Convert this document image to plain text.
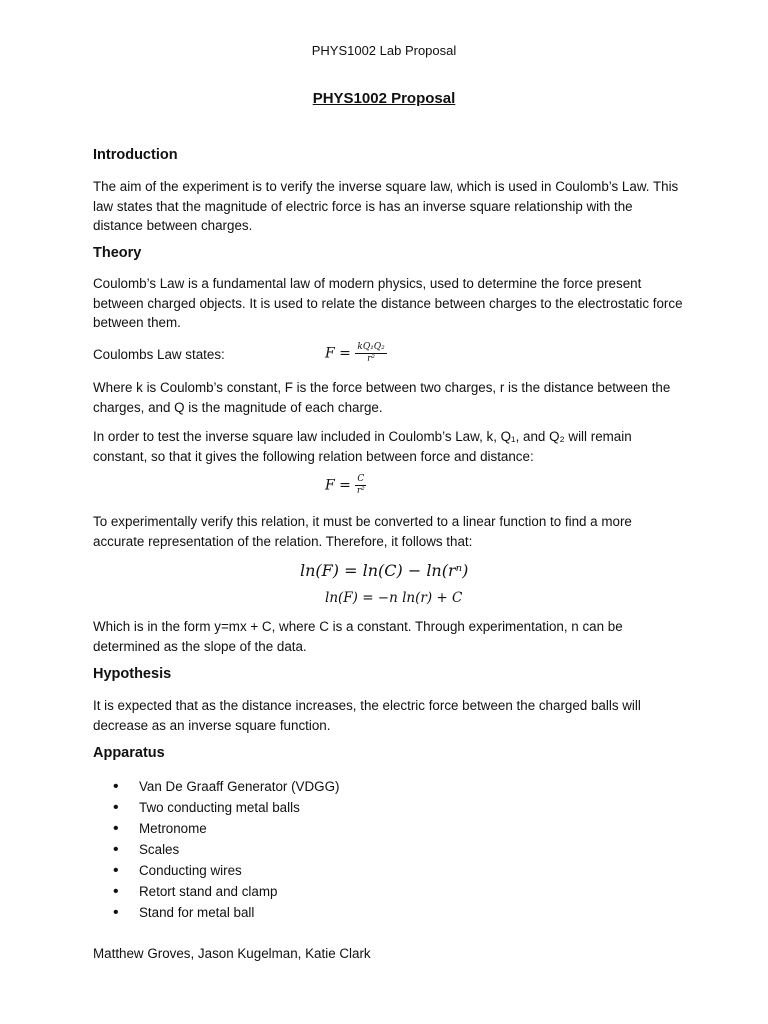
PHYS1002 Lab Proposal
PHYS1002 Proposal
Introduction

The aim of the experiment is to verify the inverse square law, which is used in Coulomb’s Law. This law states that the magnitude of electric force is has an inverse square relationship with the distance between charges.

Theory

Coulomb’s Law is a fundamental law of modern physics, used to determine the force present between charged objects. It is used to relate the distance between charges to the electrostatic force between them.

Coulombs Law states:	$F = \frac{\text{kQ₁Q₂}}{\text{r²}}$

Where k is Coulomb’s constant, F is the force between two charges, r is the distance between the charges, and Q is the magnitude of each charge.

In order to test the inverse square law included in Coulomb’s Law, k, Q₁, and Q₂ will remain constant, so that it gives the following relation between force and distance:

$F = \frac{C}{\text{r²}}$

To experimentally verify this relation, it must be converted to a linear function to find a more accurate representation of the relation. Therefore, it follows that:

ln(F) = ln(C) − ln(rⁿ)
ln(F) = −n ln(r) + C

Which is in the form y=mx + C, where C is a constant. Through experimentation, n can be determined as the slope of the data.

Hypothesis

It is expected that as the distance increases, the electric force between the charged balls will decrease as an inverse square function.

Apparatus
• Van De Graaff Generator (VDGG)
• Two conducting metal balls
• Metronome
• Scales
• Conducting wires
• Retort stand and clamp
• Stand for metal ball
Matthew Groves, Jason Kugelman, Katie Clark
